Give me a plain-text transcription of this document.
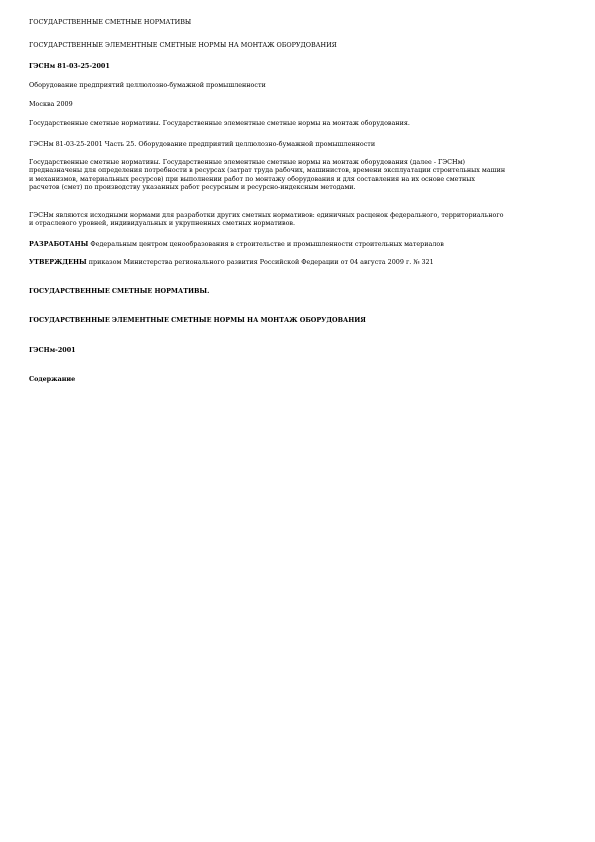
ГОСУДАРСТВЕННЫЕ СМЕТНЫЕ НОРМАТИВЫ
ГОСУДАРСТВЕННЫЕ ЭЛЕМЕНТНЫЕ СМЕТНЫЕ НОРМЫ НА МОНТАЖ ОБОРУДОВАНИЯ
ГЭСНм 81-03-25-2001
Оборудование предприятий целлюлозно-бумажной промышленности
Москва 2009
Государственные сметные нормативы. Государственные элементные сметные нормы на монтаж оборудования.
ГЭСНм 81-03-25-2001 Часть 25. Оборудование предприятий целлюлозно-бумажной промышленности
Государственные сметные нормативы. Государственные элементные сметные нормы на монтаж оборудования (далее - ГЭСНм)
предназначены для определения потребности в ресурсах (затрат труда рабочих, машинистов, времени эксплуатации строительных машин
и механизмов, материальных ресурсов) при выполнении работ по монтажу оборудования и для составления на их основе сметных
расчетов (смет) по производству указанных работ ресурсным и ресурсно-индексным методами.
ГЭСНм являются исходными нормами для разработки других сметных нормативов: единичных расценок федерального, территориального
и отраслевого уровней, индивидуальных и укрупненных сметных нормативов.
РАЗРАБОТАНЫ Федеральным центром ценообразования в строительстве и промышленности строительных материалов
УТВЕРЖДЕНЫ приказом Министерства регионального развития Российской Федерации от 04 августа 2009 г. № 321
ГОСУДАРСТВЕННЫЕ СМЕТНЫЕ НОРМАТИВЫ.
ГОСУДАРСТВЕННЫЕ ЭЛЕМЕНТНЫЕ СМЕТНЫЕ НОРМЫ НА МОНТАЖ ОБОРУДОВАНИЯ
ГЭСНм-2001
Содержание
